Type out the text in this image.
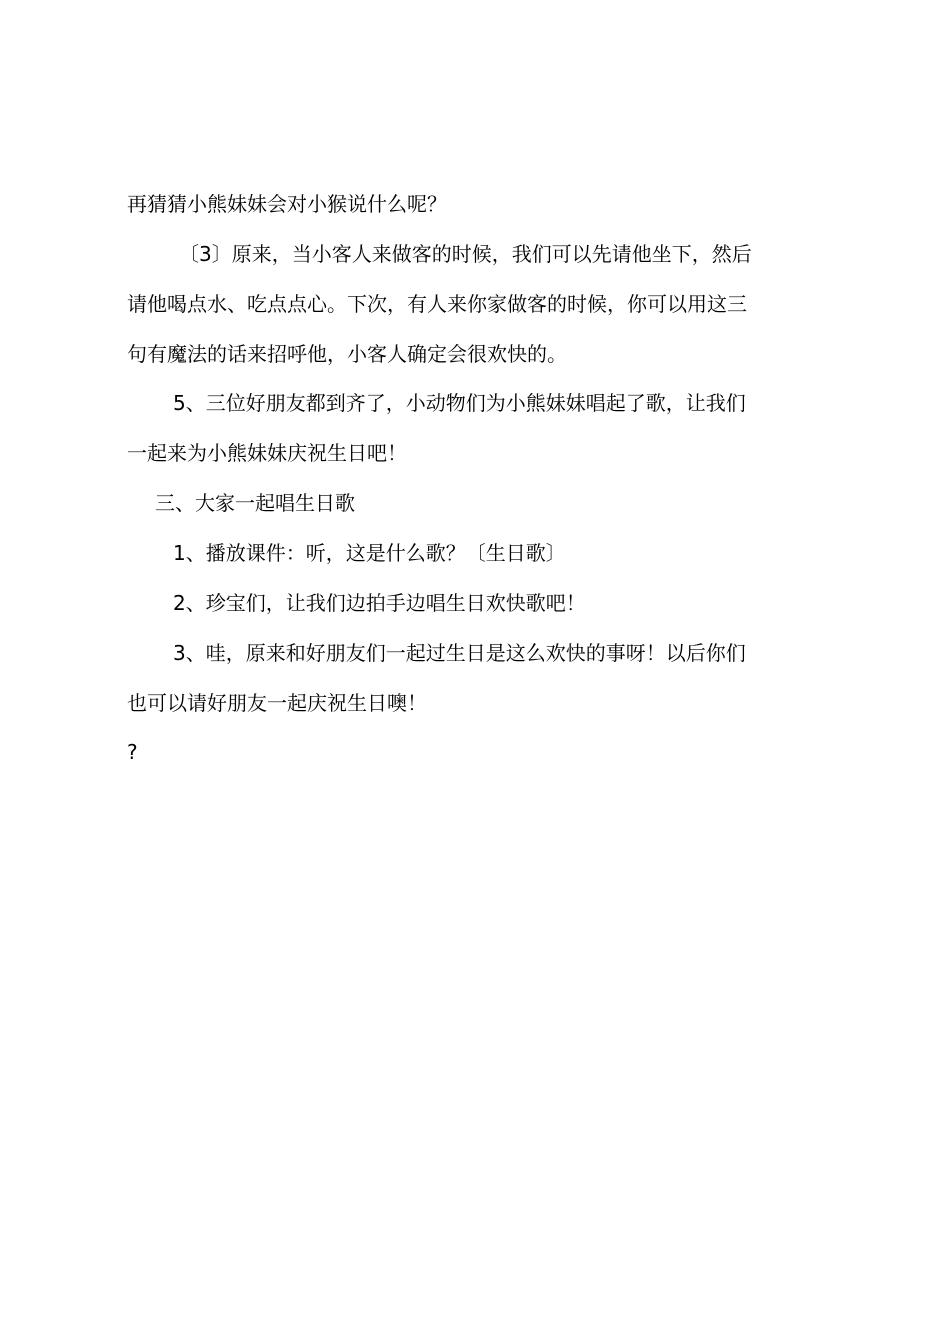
再猜猜小熊妹妹会对小猴说什么呢？
〔3〕原来，当小客人来做客的时候，我们可以先请他坐下，然后
请他喝点水、吃点点心。下次，有人来你家做客的时候，你可以用这三
句有魔法的话来招呼他，小客人确定会很欢快的。
5、三位好朋友都到齐了，小动物们为小熊妹妹唱起了歌，让我们
一起来为小熊妹妹庆祝生日吧！
三、大家一起唱生日歌
1、播放课件：听，这是什么歌？〔生日歌〕
2、珍宝们，让我们边拍手边唱生日欢快歌吧！
3、哇，原来和好朋友们一起过生日是这么欢快的事呀！以后你们
也可以请好朋友一起庆祝生日噢！
?
